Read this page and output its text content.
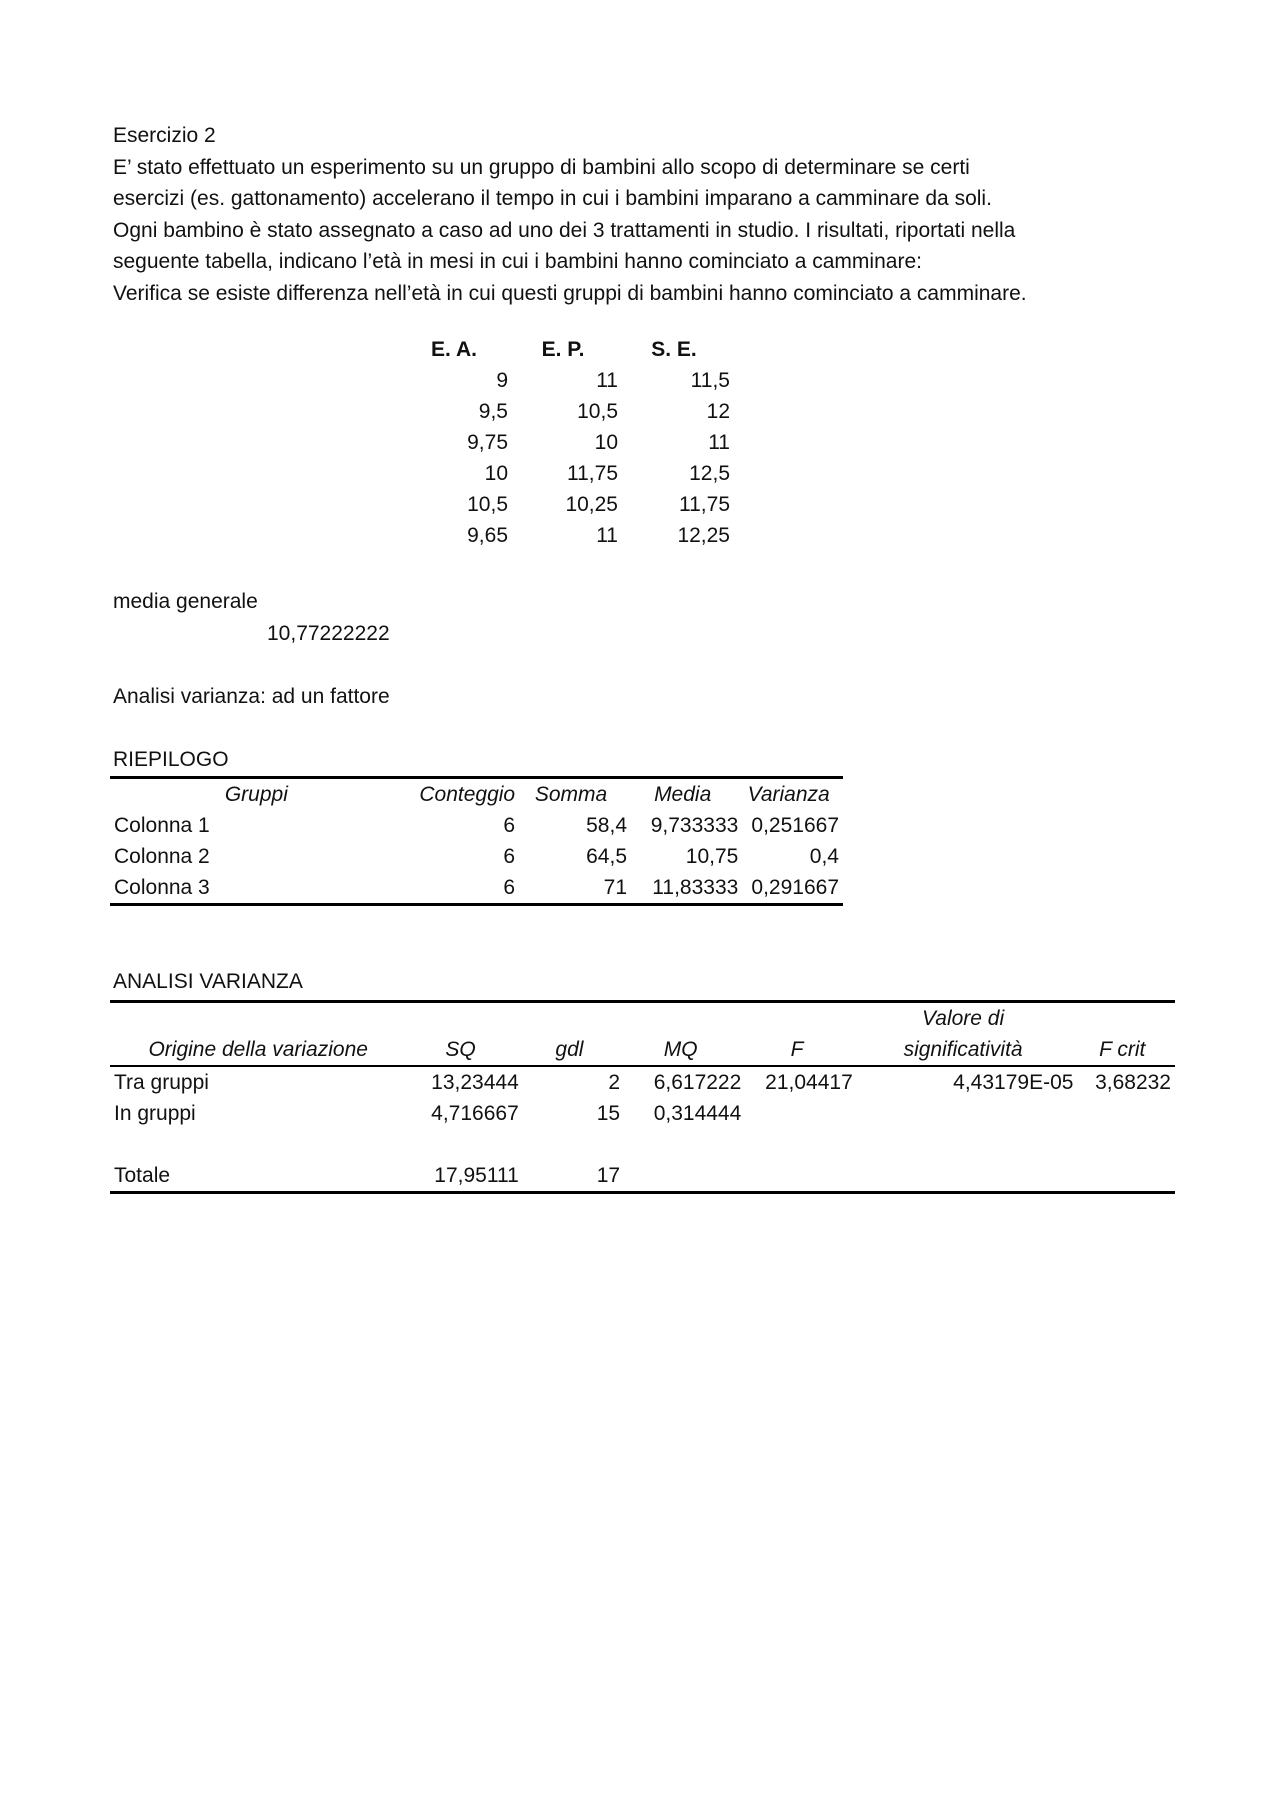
Esercizio 2
E’ stato effettuato un esperimento su un gruppo di bambini allo scopo di determinare se certi
esercizi (es. gattonamento) accelerano il tempo in cui i bambini imparano a camminare da soli.
Ogni bambino è stato assegnato a caso ad uno dei 3 trattamenti in studio. I risultati, riportati nella
seguente tabella, indicano l’età in mesi in cui i bambini hanno cominciato a camminare:
Verifica se esiste differenza nell’età in cui questi gruppi di bambini hanno cominciato a camminare.
E. A.	E. P.	S. E.
9	11	11,5
9,5	10,5	12
9,75	10	11
10	11,75	12,5
10,5	10,25	11,75
9,65	11	12,25
media generale
10,77222222
Analisi varianza: ad un fattore
RIEPILOGO
Gruppi	Conteggio	Somma	Media	Varianza
Colonna 1	6	58,4	9,733333	0,251667
Colonna 2	6	64,5	10,75	0,4
Colonna 3	6	71	11,83333	0,291667
ANALISI VARIANZA
					Valore di	
Origine della variazione	SQ	gdl	MQ	F	significatività	F crit
Tra gruppi	13,23444	2	6,617222	21,04417	4,43179E-05	3,68232
In gruppi	4,716667	15	0,314444			

Totale	17,95111	17				
